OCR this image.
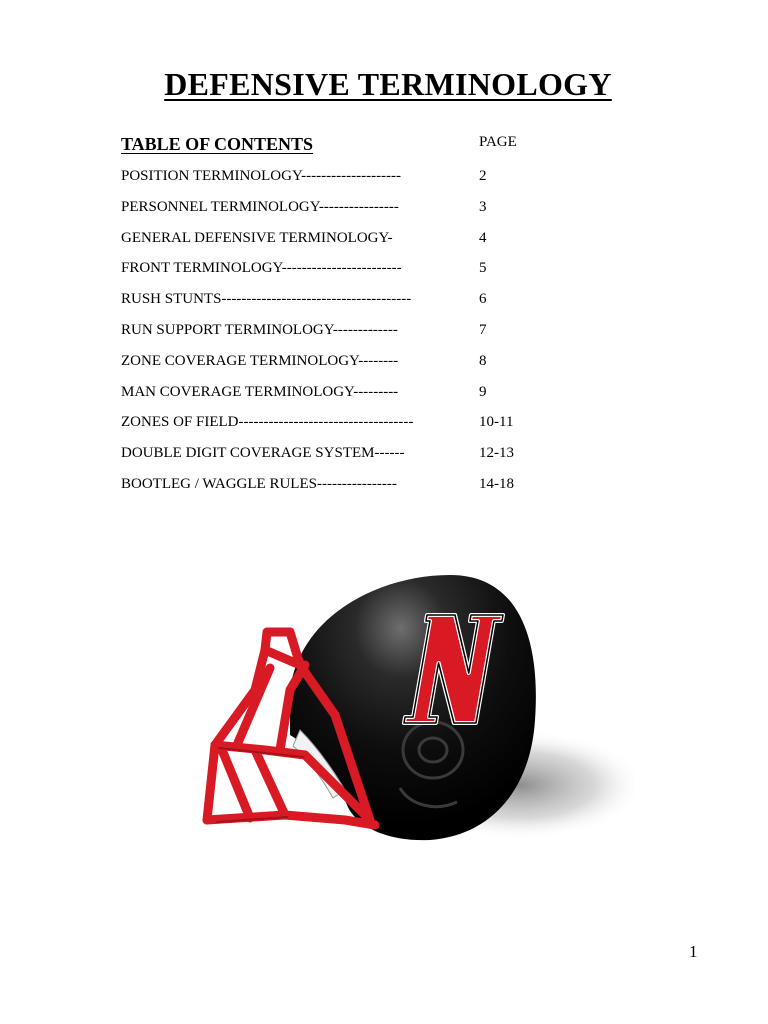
DEFENSIVE TERMINOLOGY
TABLE OF CONTENTS	PAGE
POSITION TERMINOLOGY--------------------	2
PERSONNEL TERMINOLOGY----------------	3
GENERAL DEFENSIVE TERMINOLOGY-	4
FRONT TERMINOLOGY------------------------	5
RUSH STUNTS--------------------------------------	6
RUN SUPPORT TERMINOLOGY-------------	7
ZONE COVERAGE TERMINOLOGY--------	8
MAN COVERAGE TERMINOLOGY---------	9
ZONES OF FIELD-----------------------------------	10-11
DOUBLE DIGIT COVERAGE SYSTEM------	12-13
BOOTLEG / WAGGLE RULES----------------	14-18
1
